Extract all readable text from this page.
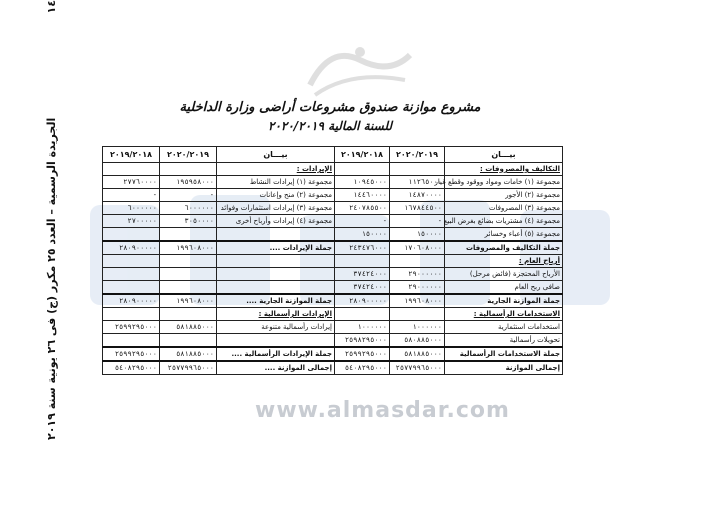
www.almasdar.com
١٤
الجريدة الرسمية – العدد ٢٥ مكرر (ج) فى ٢٦ يونية سنة ٢٠١٩
مشروع موازنة صندوق مشروعات أراضى وزارة الداخلية
للسنة المالية ٢٠٢٠/٢٠١٩
بيـــان	٢٠٢٠/٢٠١٩	٢٠١٩/٢٠١٨	بيـــان	٢٠٢٠/٢٠١٩	٢٠١٩/٢٠١٨
التكاليف والمصروفات :			الإيرادات :		
مجموعة (١) خامات ومواد ووقود وقطع غيار	١١٢٦٥٠٠٠	١٠٩٤٥٠٠٠	مجموعة (١) إيرادات النشاط	١٩٥٩٥٨٠٠٠	٢٧٧٦٠٠٠٠
مجموعة (٢) الأجور	١٤٨٧٠٠٠٠	١٤٤٦٠٠٠٠	مجموعة (٢) منح وإعانات	-	-
مجموعة (٣) المصروفات	١٦٧٨٤٤٥٠٠	٢٤٠٧٨٥٥٠٠	مجموعة (٣) إيرادات استثمارات وفوائد	٦٠٠٠٠٠٠	٦٠٠٠٠٠٠
مجموعة (٤) مشتريات بضائع بغرض البيع	-	-	مجموعة (٤) إيرادات وأرباح أخرى	٣٠٥٠٠٠٠	٢٧٠٠٠٠٠
مجموعة (٥) أعباء وخسائر	١٥٠٠٠٠	١٥٠٠٠٠			
جملة التكاليف والمصروفات	١٧٠٦٠٨٠٠٠	٢٤٣٤٧٦٠٠٠	جملة الإيرادات ....	١٩٩٦٠٨٠٠٠	٢٨٠٩٠٠٠٠٠
أرباح العام :					
الأرباح المحتجزة (فائض مرحل)	٢٩٠٠٠٠٠٠	٣٧٤٢٤٠٠٠			
صافى ربح العام	٢٩٠٠٠٠٠٠	٣٧٤٢٤٠٠٠			
جملة الموازنة الجارية	١٩٩٦٠٨٠٠٠	٢٨٠٩٠٠٠٠٠	جملة الموازنة الجارية ....	١٩٩٦٠٨٠٠٠	٢٨٠٩٠٠٠٠٠
الاستخدامات الرأسمالية :			الإيرادات الرأسمالية :		
استخدامات استثمارية	١٠٠٠٠٠٠	١٠٠٠٠٠٠	إيرادات رأسمالية متنوعة	٥٨١٨٨٥٠٠٠	٢٥٩٩٢٩٥٠٠٠
تحويلات رأسمالية	٥٨٠٨٨٥٠٠٠	٢٥٩٨٢٩٥٠٠٠			
جملة الاستخدامات الرأسمالية	٥٨١٨٨٥٠٠٠	٢٥٩٩٢٩٥٠٠٠	جملة الإيرادات الرأسمالية ....	٥٨١٨٨٥٠٠٠	٢٥٩٩٢٩٥٠٠٠
إجمالى الموازنة	٢٥٧٧٩٩٦٥٠٠٠	٥٤٠٨٢٩٥٠٠٠	إجمالى الموازنة ....	٢٥٧٧٩٩٦٥٠٠٠	٥٤٠٨٢٩٥٠٠٠
